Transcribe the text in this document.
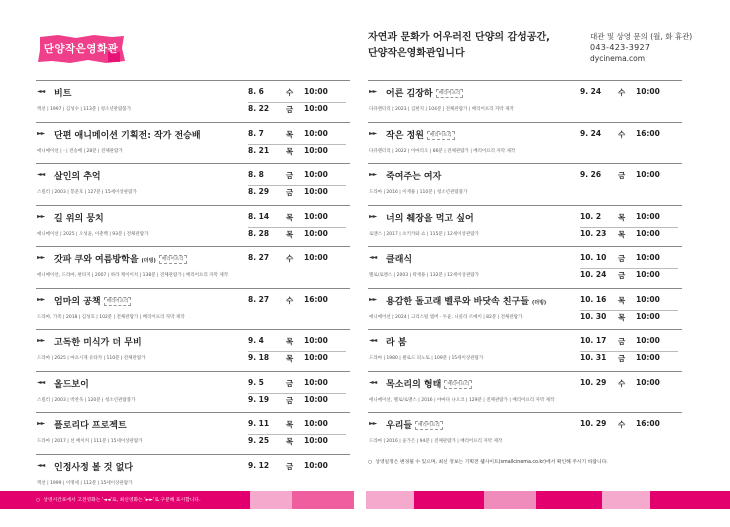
단양작은영화관
자연과 문화가 어우러진 단양의 감성공간,
단양작은영화관입니다
대관 및 상영 문의 (월, 화 휴관)
043-423-3927
dycinema.com
◄◄ 비트
액션 | 1997 | 김성수 | 113분 | 청소년관람불가
8. 6	수 10:00
8. 22 금 10:00
►► 단편 애니메이션 기획전: 작가 전승배
애니메이션 | - | 전승배 | 28분 | 전체관람가
8. 7	목 10:00
8. 21 목 10:00
◄◄ 살인의 추억
스릴러 | 2003 | 봉준호 | 127분 | 15세이상관람가
8. 8	금 10:00
8. 29 금 10:00
►► 길 위의 뭉치
애니메이션 | 2025 | 오성윤, 이춘백 | 93분 | 전체관람가
8. 14 목 10:00
8. 28 목 10:00
►► 갓파 쿠와 여름방학을 (더빙) 배리어프리
애니메이션, 드라마, 판타지 | 2007 | 하라 케이이치 | 138분 | 전체관람가 | 배리어프리 자막 제작
8. 27 수 10:00
►► 엄마의 공책 배리어프리
드라마, 가족 | 2018 | 김성호 | 102분 | 전체관람가 | 배리어프리 자막 제작
8. 27 수 16:00
►► 고독한 미식가 더 무비
드라마 | 2025 | 마츠시게 유타카 | 110분 | 전체관람가
9. 4	목 10:00
9. 18 목 10:00
◄◄ 올드보이
스릴러 | 2003 | 박찬욱 | 120분 | 청소년관람불가
9. 5	금 10:00
9. 19 금 10:00
►► 플로리다 프로젝트
드라마 | 2017 | 션 베이커 | 111분 | 15세이상관람가
9. 11 목 10:00
9. 25 목 10:00
◄◄ 인정사정 볼 것 없다
액션 | 1999 | 이명세 | 112분 | 15세이상관람가
9. 12 금 10:00
►► 어른 김장하 배리어프리
다큐멘터리 | 2023 | 김현지 | 104분 | 전체관람가 | 배리어프리 자막 제작
9. 24 수 10:00
►► 작은 정원 배리어프리
다큐멘터리 | 2022 | 이마리오 | 86분 | 전체관람가 | 배리어프리 자막 제작
9. 24 수 16:00
►► 죽여주는 여자
드라마 | 2016 | 이재용 | 110분 | 청소년관람불가
9. 26 금 10:00
►► 너의 췌장을 먹고 싶어
로맨스 | 2017 | 츠키카와 쇼 | 115분 | 12세이상관람가
10. 2 목 10:00
10. 23 목 10:00
◄◄ 클래식
멜로/로맨스 | 2003 | 곽재용 | 132분 | 12세이상관람가
10. 10 금 10:00
10. 24 금 10:00
►► 용감한 돌고래 벨루와 바닷속 친구들 (더빙)
애니메이션 | 2024 | 크리스털 엠버 · 두윤, 니콜라 르메이 | 82분 | 전체관람가
10. 16 목 10:00
10. 30 목 10:00
◄◄ 라 붐
드라마 | 1980 | 클로드 피노토 | 109분 | 15세이상관람가
10. 17 금 10:00
10. 31 금 10:00
◄◄ 목소리의 형태 배리어프리
애니메이션, 멜로/로맨스 | 2016 | 야마다 나오코 | 129분 | 전체관람가 | 배리어프리 자막 제작
10. 29 수 10:00
►► 우리들 배리어프리
드라마 | 2016 | 윤가은 | 94분 | 전체관람가 | 배리어프리 자막 제작
10. 29 수 16:00
○ 상영일정은 변경될 수 있으며, 최신 정보는 기획전 웹사이트(smallcinema.co.kr)에서 확인해 주시기 바랍니다.
○ 상영시간표에서 고전영화는 '◄◄'로, 최신영화는 '►►'로 구분해 표시합니다.
